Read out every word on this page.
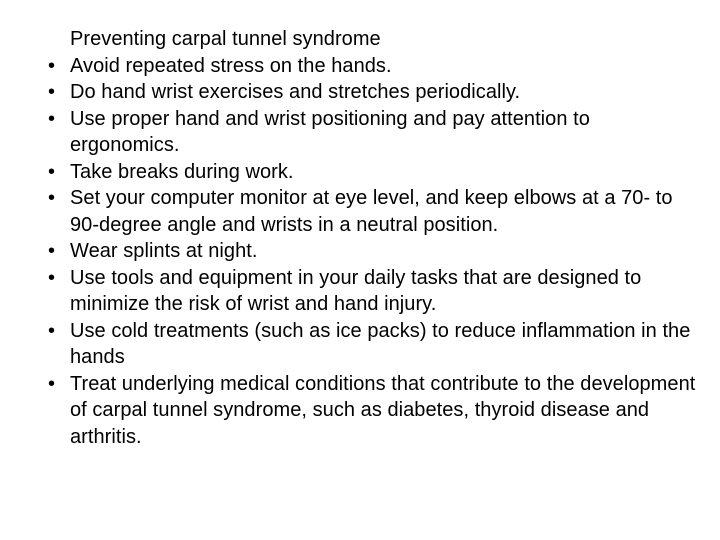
Preventing carpal tunnel syndrome

• Avoid repeated stress on the hands.
• Do hand wrist exercises and stretches periodically.
• Use proper hand and wrist positioning and pay attention to ergonomics.
• Take breaks during work.
• Set your computer monitor at eye level, and keep elbows at a 70- to 90-degree angle and wrists in a neutral position.
• Wear splints at night.
• Use tools and equipment in your daily tasks that are designed to minimize the risk of wrist and hand injury.
• Use cold treatments (such as ice packs) to reduce inflammation in the hands
• Treat underlying medical conditions that contribute to the development of carpal tunnel syndrome, such as diabetes, thyroid disease and arthritis.
